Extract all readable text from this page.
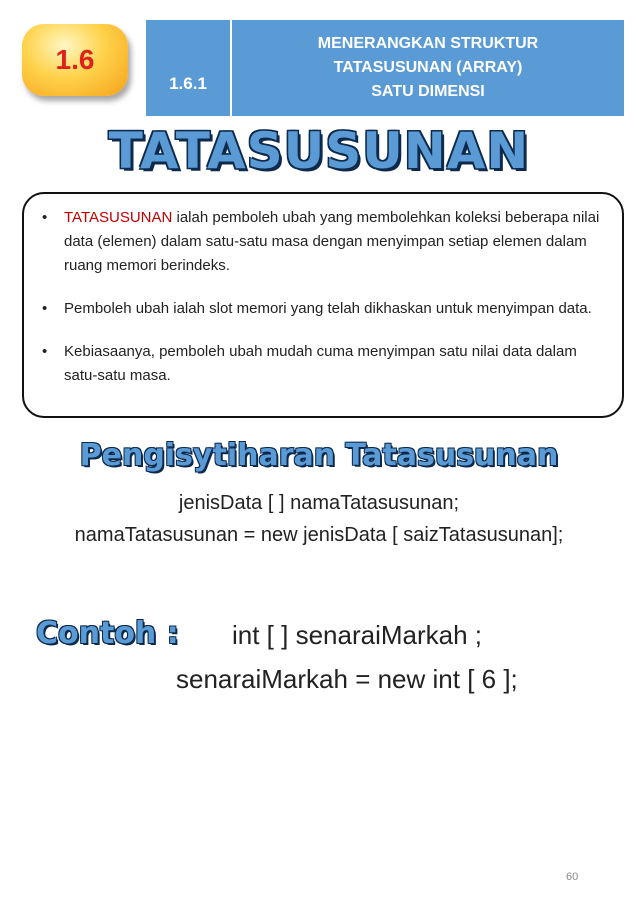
1.6
1.6.1
MENERANGKAN STRUKTUR
TATASUSUNAN (ARRAY)
SATU DIMENSI
TATASUSUNAN
• TATASUSUNAN ialah pemboleh ubah yang membolehkan koleksi beberapa nilai data (elemen) dalam satu-satu masa dengan menyimpan setiap elemen dalam ruang memori berindeks.
• Pemboleh ubah ialah slot memori yang telah dikhaskan untuk menyimpan data.
• Kebiasaanya, pemboleh ubah mudah cuma menyimpan satu nilai data dalam satu-satu masa.
Pengisytiharan Tatasusunan
jenisData [ ] namaTatasusunan;
namaTatasusunan = new jenisData [ saizTatasusunan];
Contoh : int [ ] senaraiMarkah ;
senaraiMarkah = new int [ 6 ];
60
